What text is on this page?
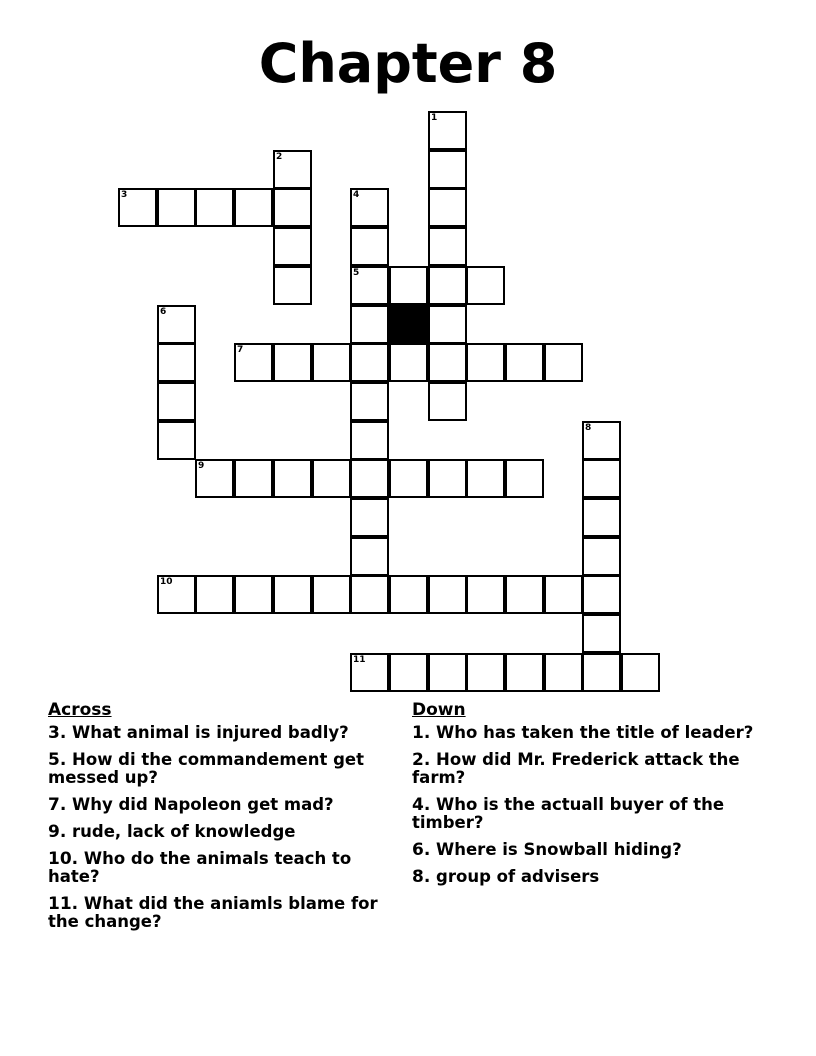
Chapter 8
1
2
3	4
5
6
7
8
9
10
11
Across
3. What animal is injured badly?
5. How di the commandement get messed up?
7. Why did Napoleon get mad?
9. rude, lack of knowledge
10. Who do the animals teach to hate?
11. What did the aniamls blame for the change?
Down
1. Who has taken the title of leader?
2. How did Mr. Frederick attack the farm?
4. Who is the actuall buyer of the timber?
6. Where is Snowball hiding?
8. group of advisers
